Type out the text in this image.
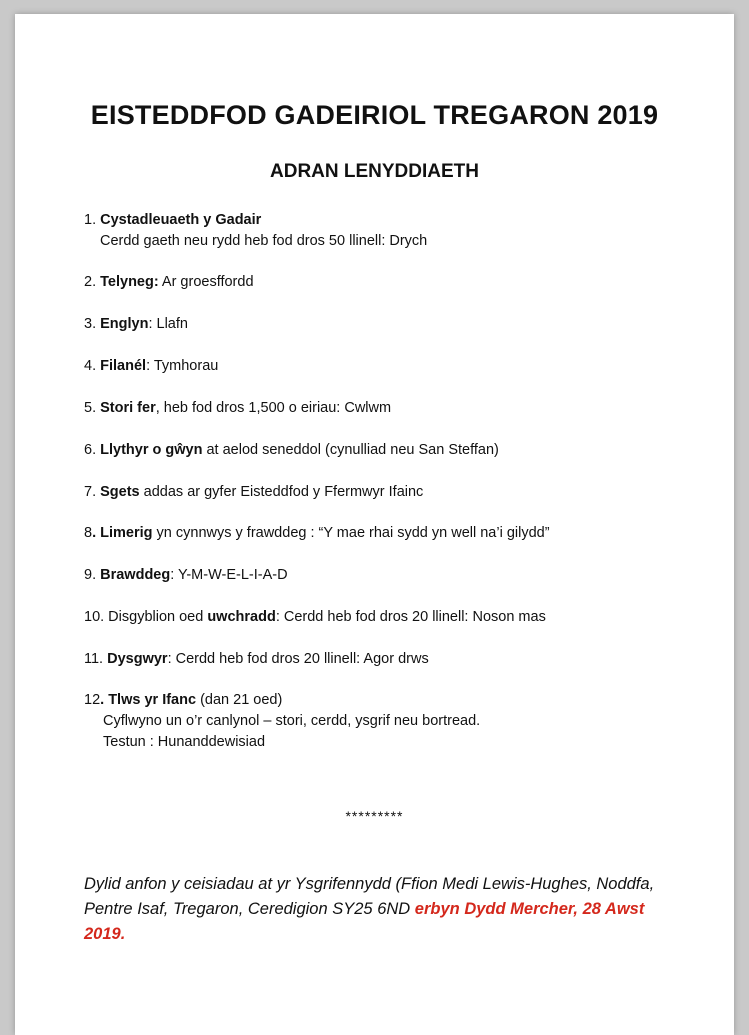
EISTEDDFOD GADEIRIOL TREGARON 2019
ADRAN LENYDDIAETH
1. Cystadleuaeth y Gadair
Cerdd gaeth neu rydd heb fod dros 50 llinell: Drych
2. Telyneg: Ar groesffordd
3. Englyn: Llafn
4. Filanél: Tymhorau
5. Stori fer, heb fod dros 1,500 o eiriau: Cwlwm
6. Llythyr o gŵyn at aelod seneddol (cynulliad neu San Steffan)
7. Sgets addas ar gyfer Eisteddfod y Ffermwyr Ifainc
8. Limerig yn cynnwys y frawddeg : “Y mae rhai sydd yn well na’i gilydd”
9. Brawddeg: Y-M-W-E-L-I-A-D
10. Disgyblion oed uwchradd: Cerdd heb fod dros 20 llinell: Noson mas
11. Dysgwyr: Cerdd heb fod dros 20 llinell: Agor drws
12. Tlws yr Ifanc (dan 21 oed)
Cyflwyno un o’r canlynol – stori, cerdd, ysgrif neu bortread.
Testun : Hunanddewisiad
*********
Dylid anfon y ceisiadau at yr Ysgrifennydd (Ffion Medi Lewis-Hughes, Noddfa, Pentre Isaf, Tregaron, Ceredigion SY25 6ND erbyn Dydd Mercher, 28 Awst 2019.
